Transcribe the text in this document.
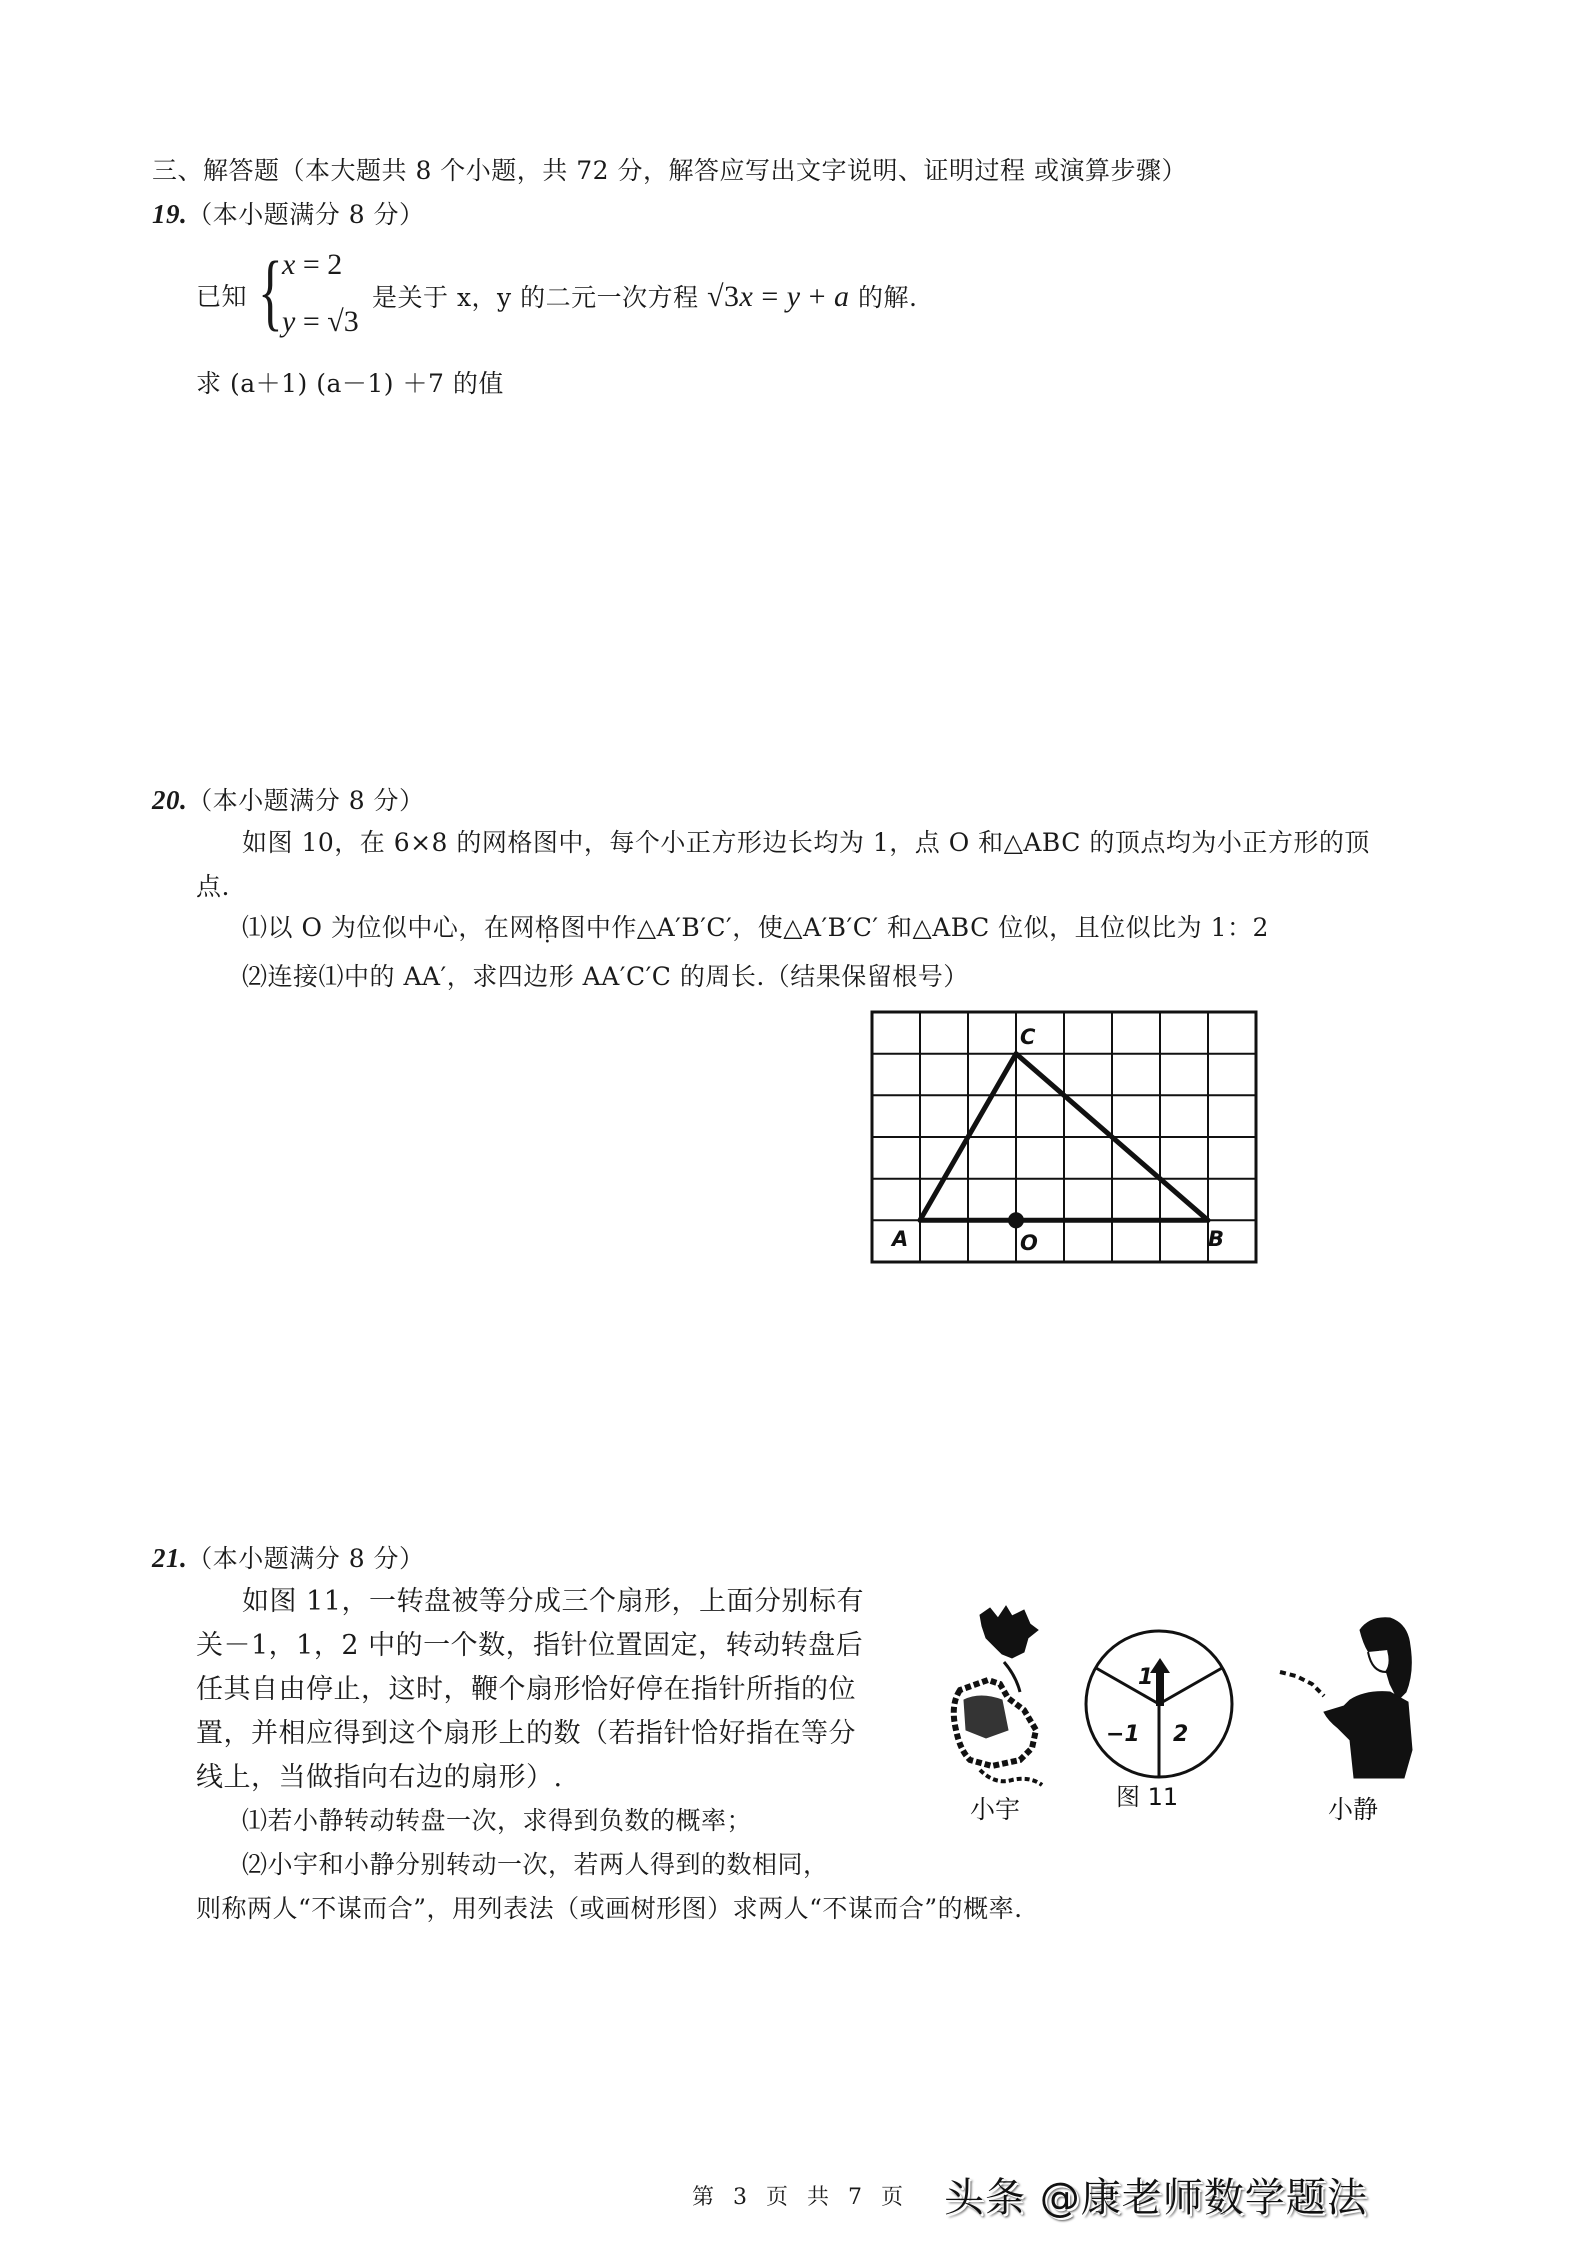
三、解答题（本大题共 8 个小题，共 72 分，解答应写出文字说明、证明过程 或演算步骤）
19.（本小题满分 8 分）
已知 { x = 2
y = √3
是关于 x，y 的二元一次方程 √3x = y + a 的解.
求 (a＋1) (a－1) ＋7 的值
20.（本小题满分 8 分）
如图 10，在 6×8 的网格图中，每个小正方形边长均为 1，点 O 和△ABC 的顶点均为小正方形的顶
点.
⑴以 O 为位似中心，在网格图中作△A′B′C′，使△A′B′C′ 和△ABC 位似，且位似比为 1：2
⑵连接⑴中的 AA′，求四边形 AA′C′C 的周长.（结果保留根号）
C
A	O	B
21.（本小题满分 8 分）
如图 11，一转盘被等分成三个扇形，上面分别标有
关－1，1，2 中的一个数，指针位置固定，转动转盘后
任其自由停止，这时，鞭个扇形恰好停在指针所指的位
置，并相应得到这个扇形上的数（若指针恰好指在等分
线上，当做指向右边的扇形）.
⑴若小静转动转盘一次，求得到负数的概率；
⑵小宇和小静分别转动一次，若两人得到的数相同，
则称两人“不谋而合”，用列表法（或画树形图）求两人“不谋而合”的概率.
小宇
1
−1 2
图 11	小静
第 3 页 共 7 页 头条 @康老师数学题法
